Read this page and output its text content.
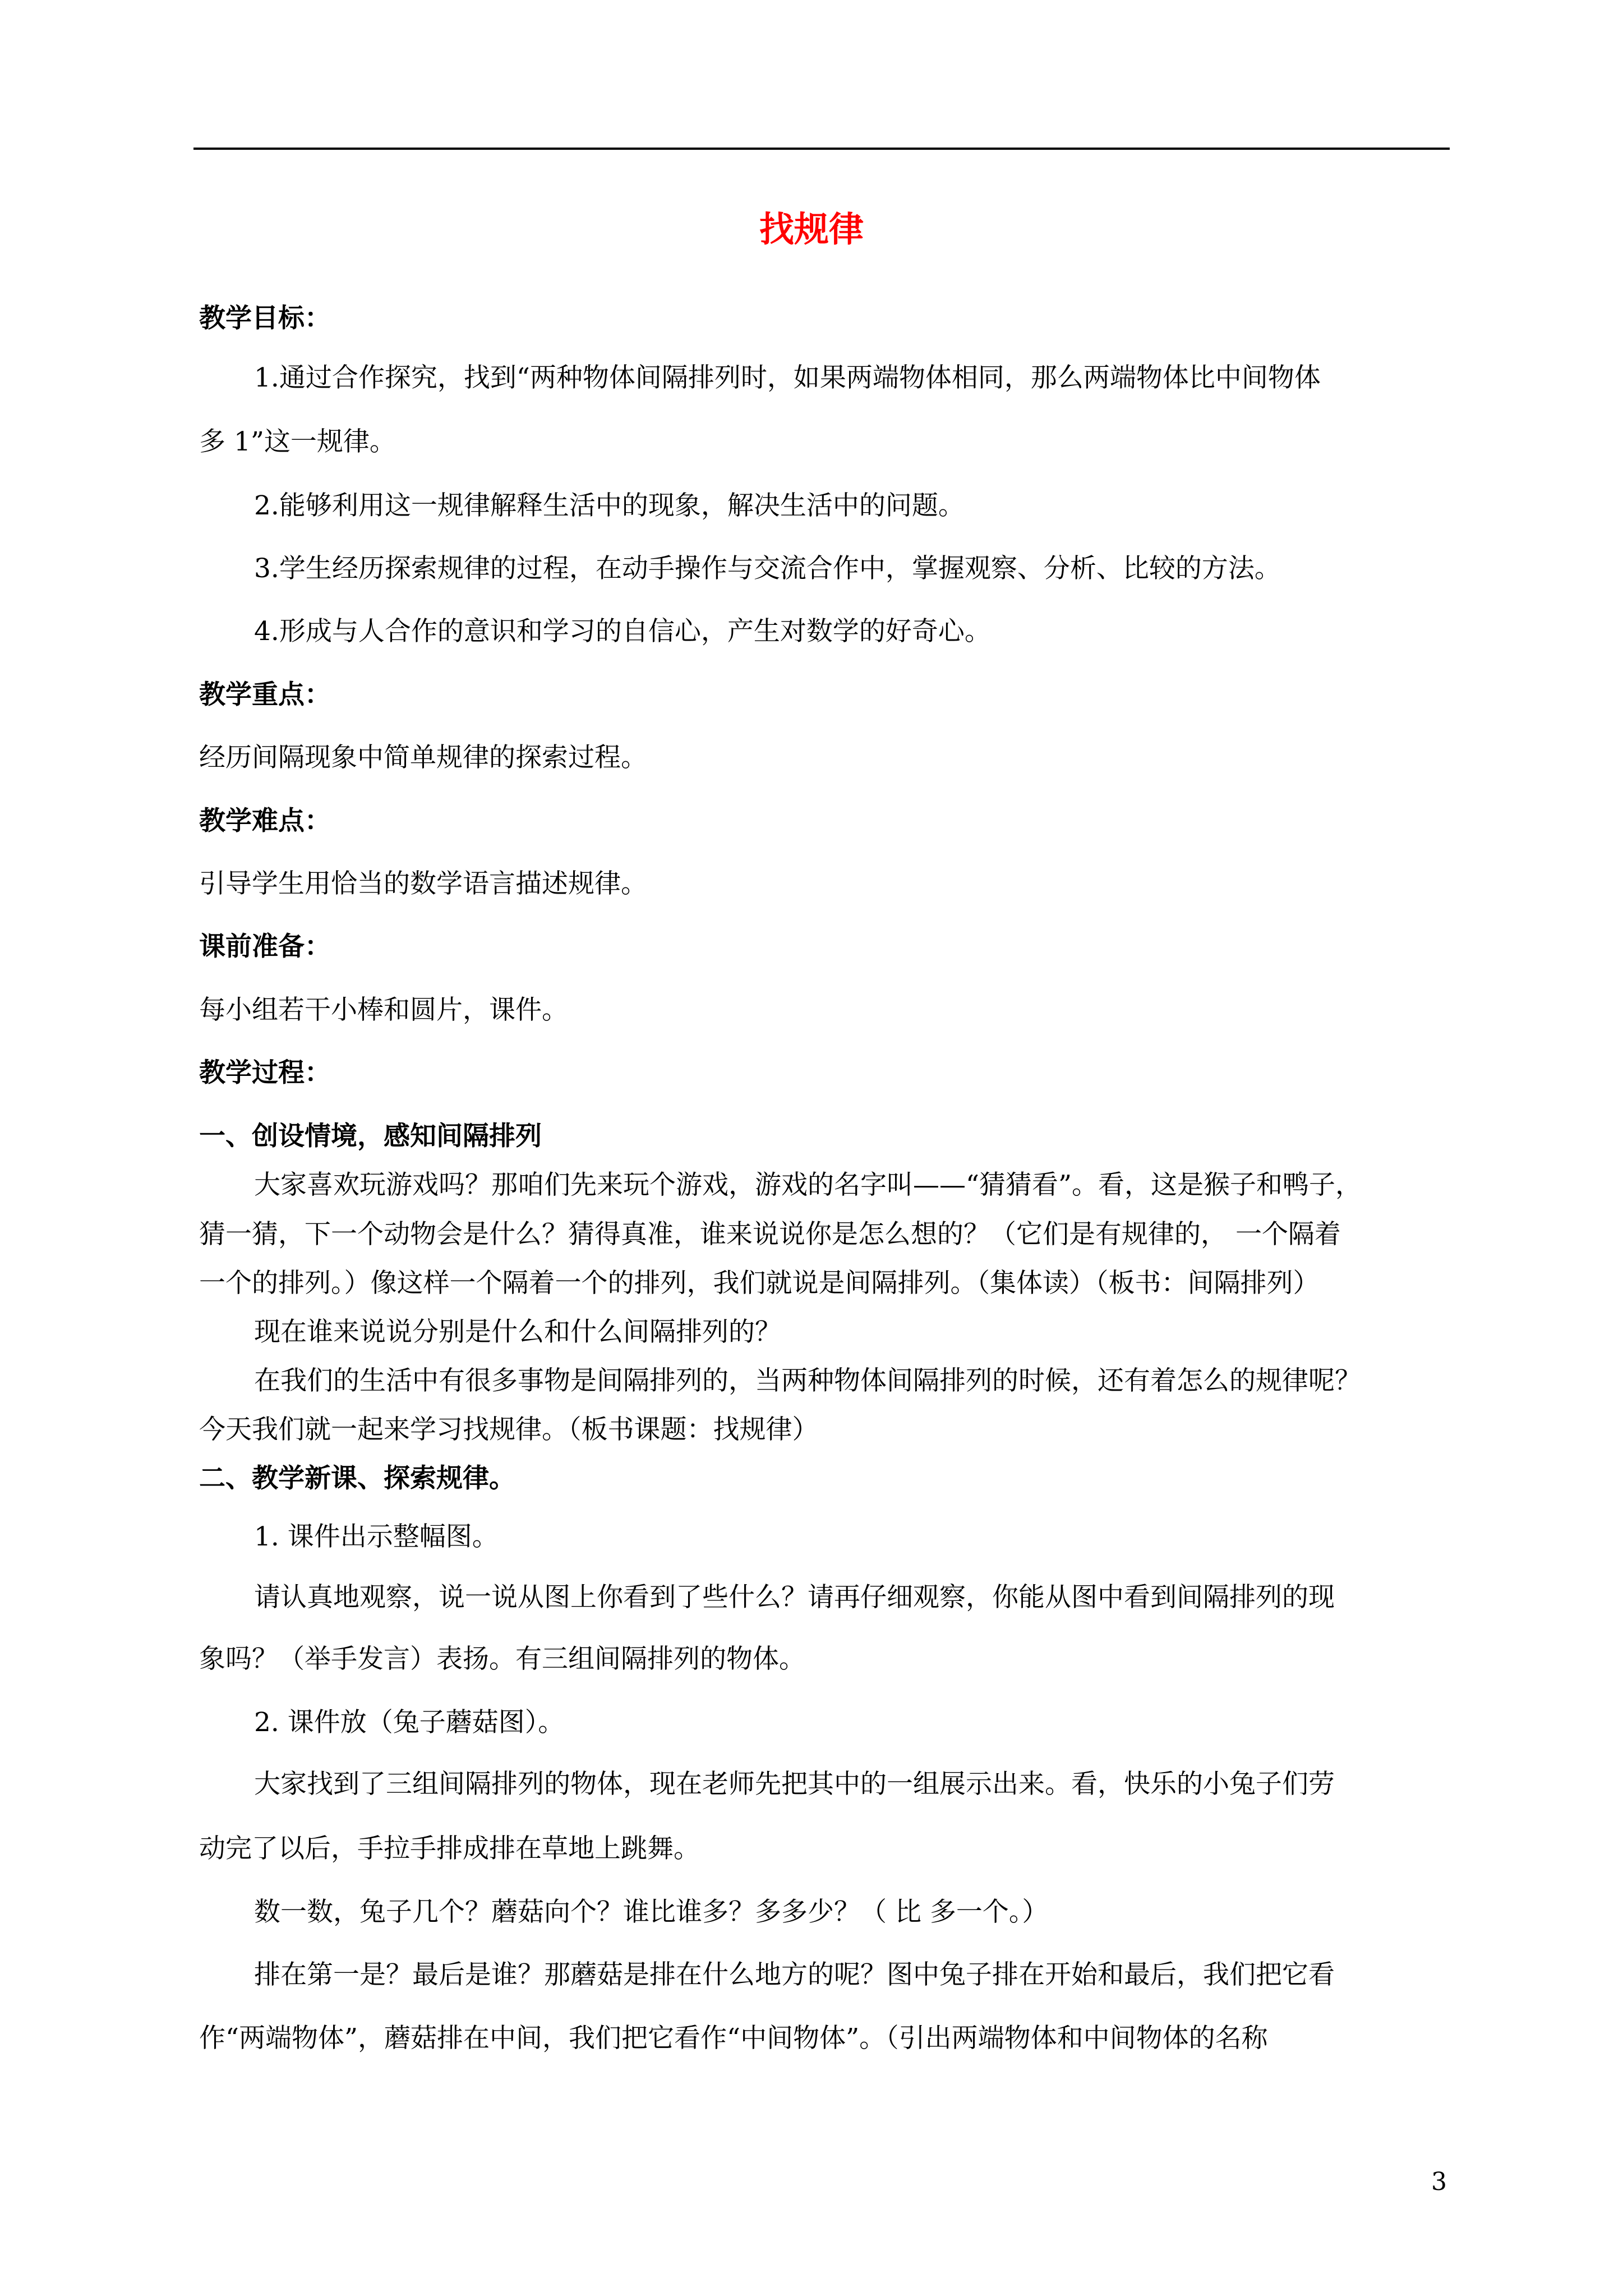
找规律
教学目标：
1.通过合作探究，找到“两种物体间隔排列时，如果两端物体相同，那么两端物体比中间物体
多 1”这一规律。
2.能够利用这一规律解释生活中的现象，解决生活中的问题。
3.学生经历探索规律的过程，在动手操作与交流合作中，掌握观察、分析、比较的方法。
4.形成与人合作的意识和学习的自信心，产生对数学的好奇心。
教学重点：
经历间隔现象中简单规律的探索过程。
教学难点：
引导学生用恰当的数学语言描述规律。
课前准备：
每小组若干小棒和圆片，课件。
教学过程：
一、创设情境，感知间隔排列
大家喜欢玩游戏吗？那咱们先来玩个游戏，游戏的名字叫——“猜猜看”。看，这是猴子和鸭子，
猜一猜，下一个动物会是什么？猜得真准，谁来说说你是怎么想的？（它们是有规律的， 一个隔着
一个的排列。）像这样一个隔着一个的排列，我们就说是间隔排列。（集体读）（板书：间隔排列）
现在谁来说说分别是什么和什么间隔排列的？
在我们的生活中有很多事物是间隔排列的，当两种物体间隔排列的时候，还有着怎么的规律呢？
今天我们就一起来学习找规律。（板书课题：找规律）
二、教学新课、探索规律。
1. 课件出示整幅图。
请认真地观察，说一说从图上你看到了些什么？请再仔细观察，你能从图中看到间隔排列的现
象吗？（举手发言）表扬。有三组间隔排列的物体。
2. 课件放（兔子蘑菇图）。
大家找到了三组间隔排列的物体，现在老师先把其中的一组展示出来。看，快乐的小兔子们劳
动完了以后，手拉手排成排在草地上跳舞。
数一数，兔子几个？蘑菇向个？谁比谁多？多多少？（ 比 多一个。）
排在第一是？最后是谁？那蘑菇是排在什么地方的呢？图中兔子排在开始和最后，我们把它看
作“两端物体”，蘑菇排在中间，我们把它看作“中间物体”。（引出两端物体和中间物体的名称
3
